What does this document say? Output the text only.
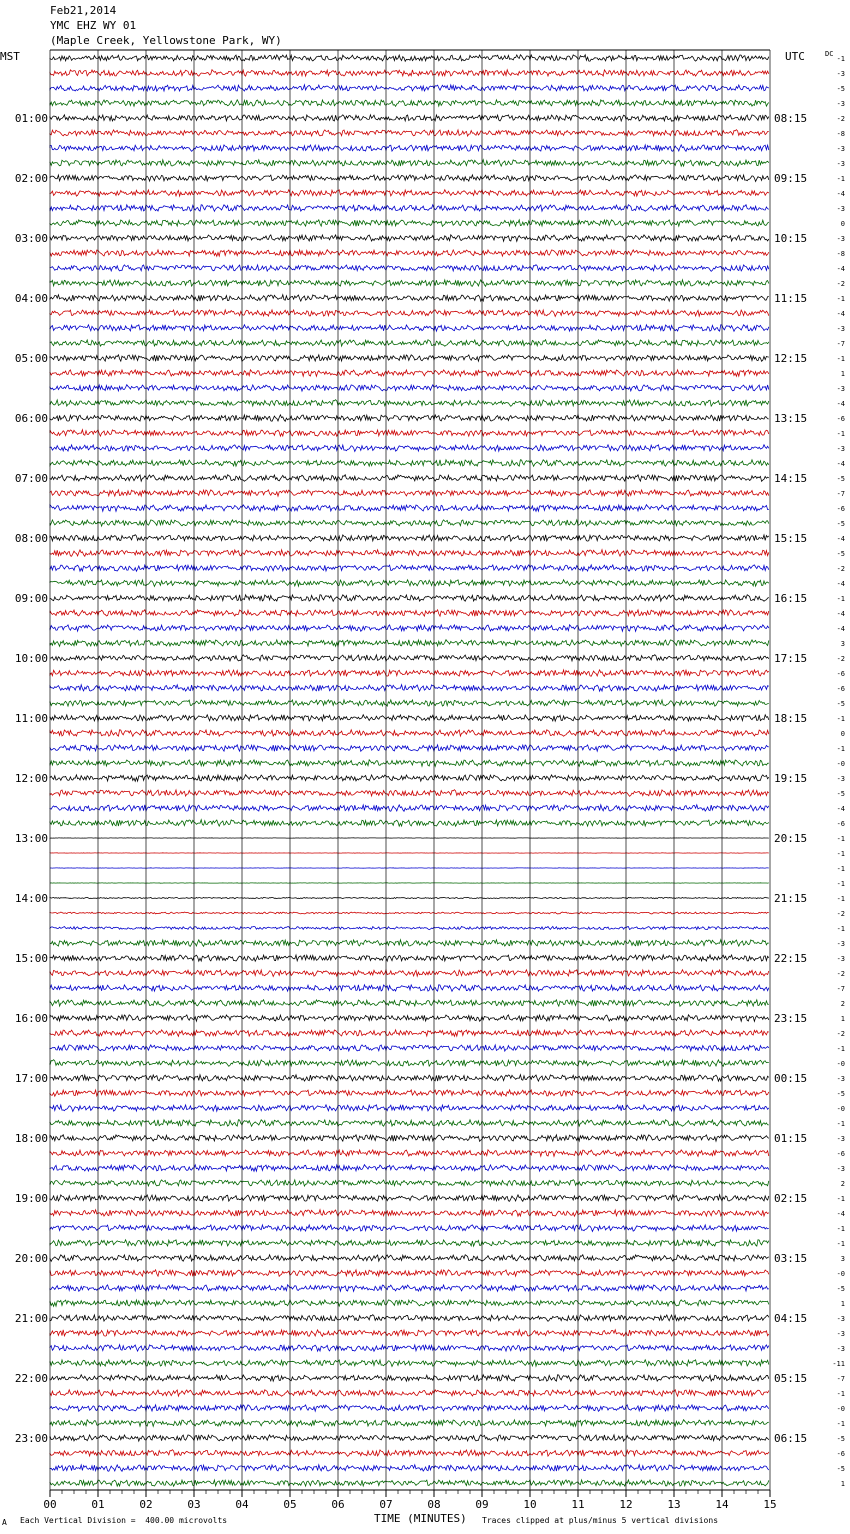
Feb21,2014
YMC EHZ WY 01
(Maple Creek, Yellowstone Park, WY)
MST	UTC
00	01	02	03	04	05	06	07	08	09	10	11	12	13	14	15
01:00	08:15
02:00	09:15
03:00	10:15
04:00	11:15
05:00	12:15
06:00	13:15
07:00	14:15
08:00	15:15
09:00	16:15
10:00	17:15
11:00	18:15
12:00	19:15
13:00	20:15
14:00	21:15
15:00	22:15
16:00	23:15
17:00	00:15
18:00	01:15
19:00	02:15
20:00	03:15
21:00	04:15
22:00	05:15
23:00	06:15
DC
-1
-3
-5
-3
-2
-8
-3
-3
-1
-4
-3
0
-3
-8
-4
-2
-1
-4
-3
-7
-1
1
-3
-4
-6
-1
-3
-4
-5
-7
-6
-5
-4
-5
-2
-4
-1
-4
-4
3
-2
-6
-6
-5
-1
0
-1
-0
-3
-5
-4
-6
-1
-1
-1
-1
-1
-2
-1
-3
-3
-2
-7
2
1
-2
-1
-0
-3
-5
-0
-1
-3
-6
-3
2
-1
-4
-1
-1
3
-0
-5
1
-3
-3
-3
-11
-7
-1
-0
-1
-5
-6
-5
1
A Each Vertical Division =  400.00 microvolts	TIME (MINUTES) Traces clipped at plus/minus 5 vertical divisions
